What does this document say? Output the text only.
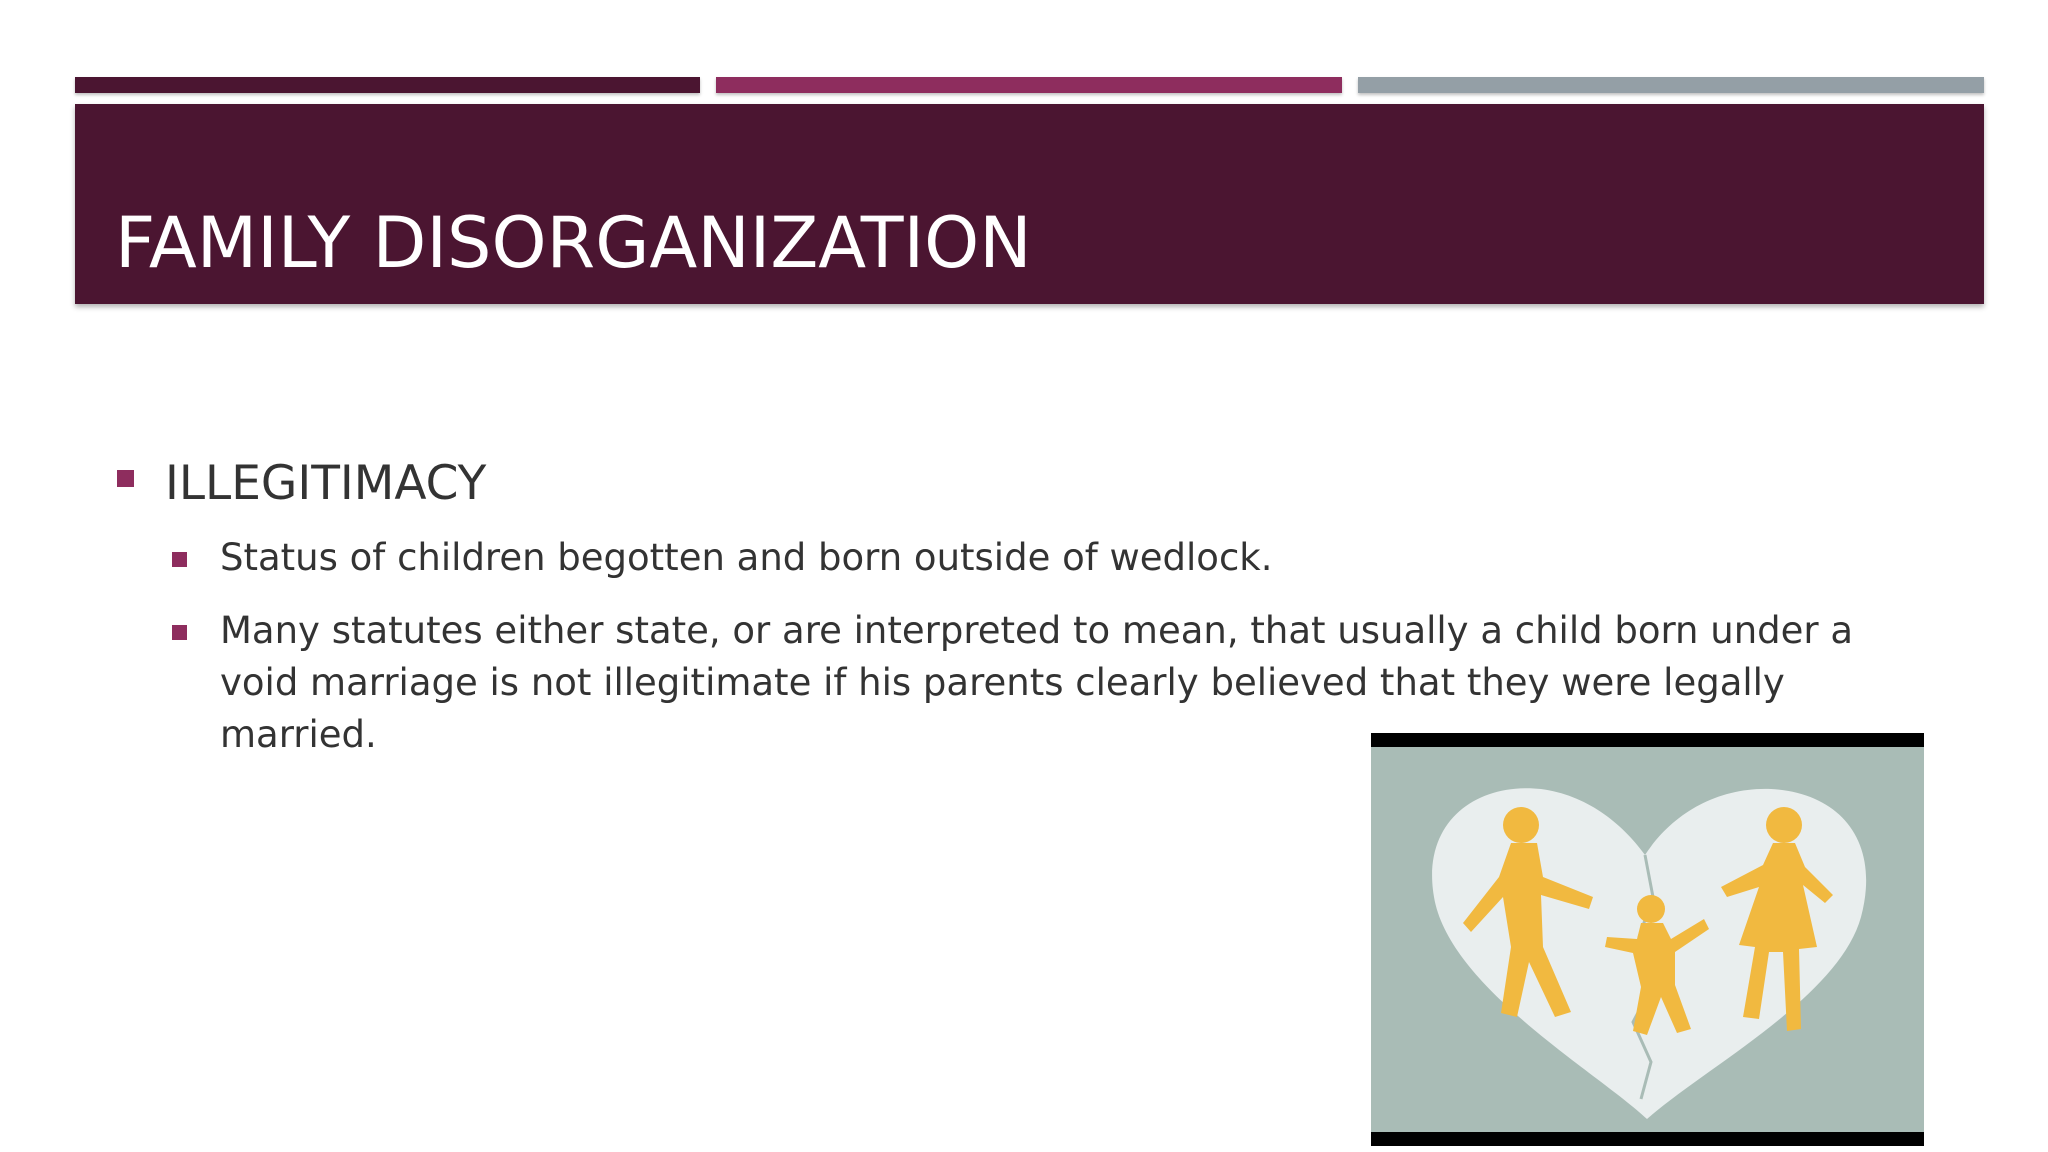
FAMILY DISORGANIZATION
ILLEGITIMACY
Status of children begotten and born outside of wedlock.
Many statutes either state, or are interpreted to mean, that usually a child born under a void marriage is not illegitimate if his parents clearly believed that they were legally married.
